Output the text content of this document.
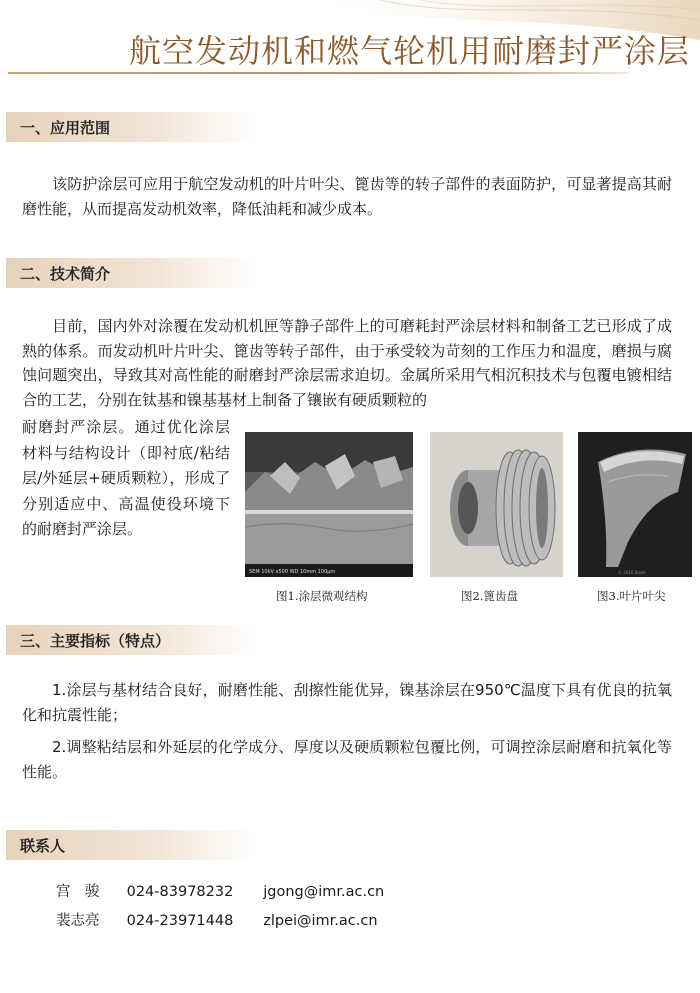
航空发动机和燃气轮机用耐磨封严涂层
一、应用范围
该防护涂层可应用于航空发动机的叶片叶尖、篦齿等的转子部件的表面防护，可显著提高其耐磨性能，从而提高发动机效率，降低油耗和减少成本。
二、技术简介
目前，国内外对涂覆在发动机机匣等静子部件上的可磨耗封严涂层材料和制备工艺已形成了成熟的体系。而发动机叶片叶尖、篦齿等转子部件，由于承受较为苛刻的工作压力和温度，磨损与腐蚀问题突出，导致其对高性能的耐磨封严涂层需求迫切。金属所采用气相沉积技术与包覆电镀相结合的工艺，分别在钛基和镍基基材上制备了镶嵌有硬质颗粒的
耐磨封严涂层。通过优化涂层材料与结构设计（即衬底/粘结层/外延层+硬质颗粒），形成了分别适应中、高温使役环境下的耐磨封严涂层。
SEM 10kV x500 WD 10mm 100μm
图1.涂层微观结构	图2.篦齿盘
© 2016 blade
图3.叶片叶尖
三、主要指标（特点）
1.涂层与基材结合良好，耐磨性能、刮擦性能优异，镍基涂层在950℃温度下具有优良的抗氧化和抗震性能；
2.调整粘结层和外延层的化学成分、厚度以及硬质颗粒包覆比例，可调控涂层耐磨和抗氧化等性能。
联系人
宫　骏 024-83978232 jgong@imr.ac.cn
裴志亮 024-23971448 zlpei@imr.ac.cn
